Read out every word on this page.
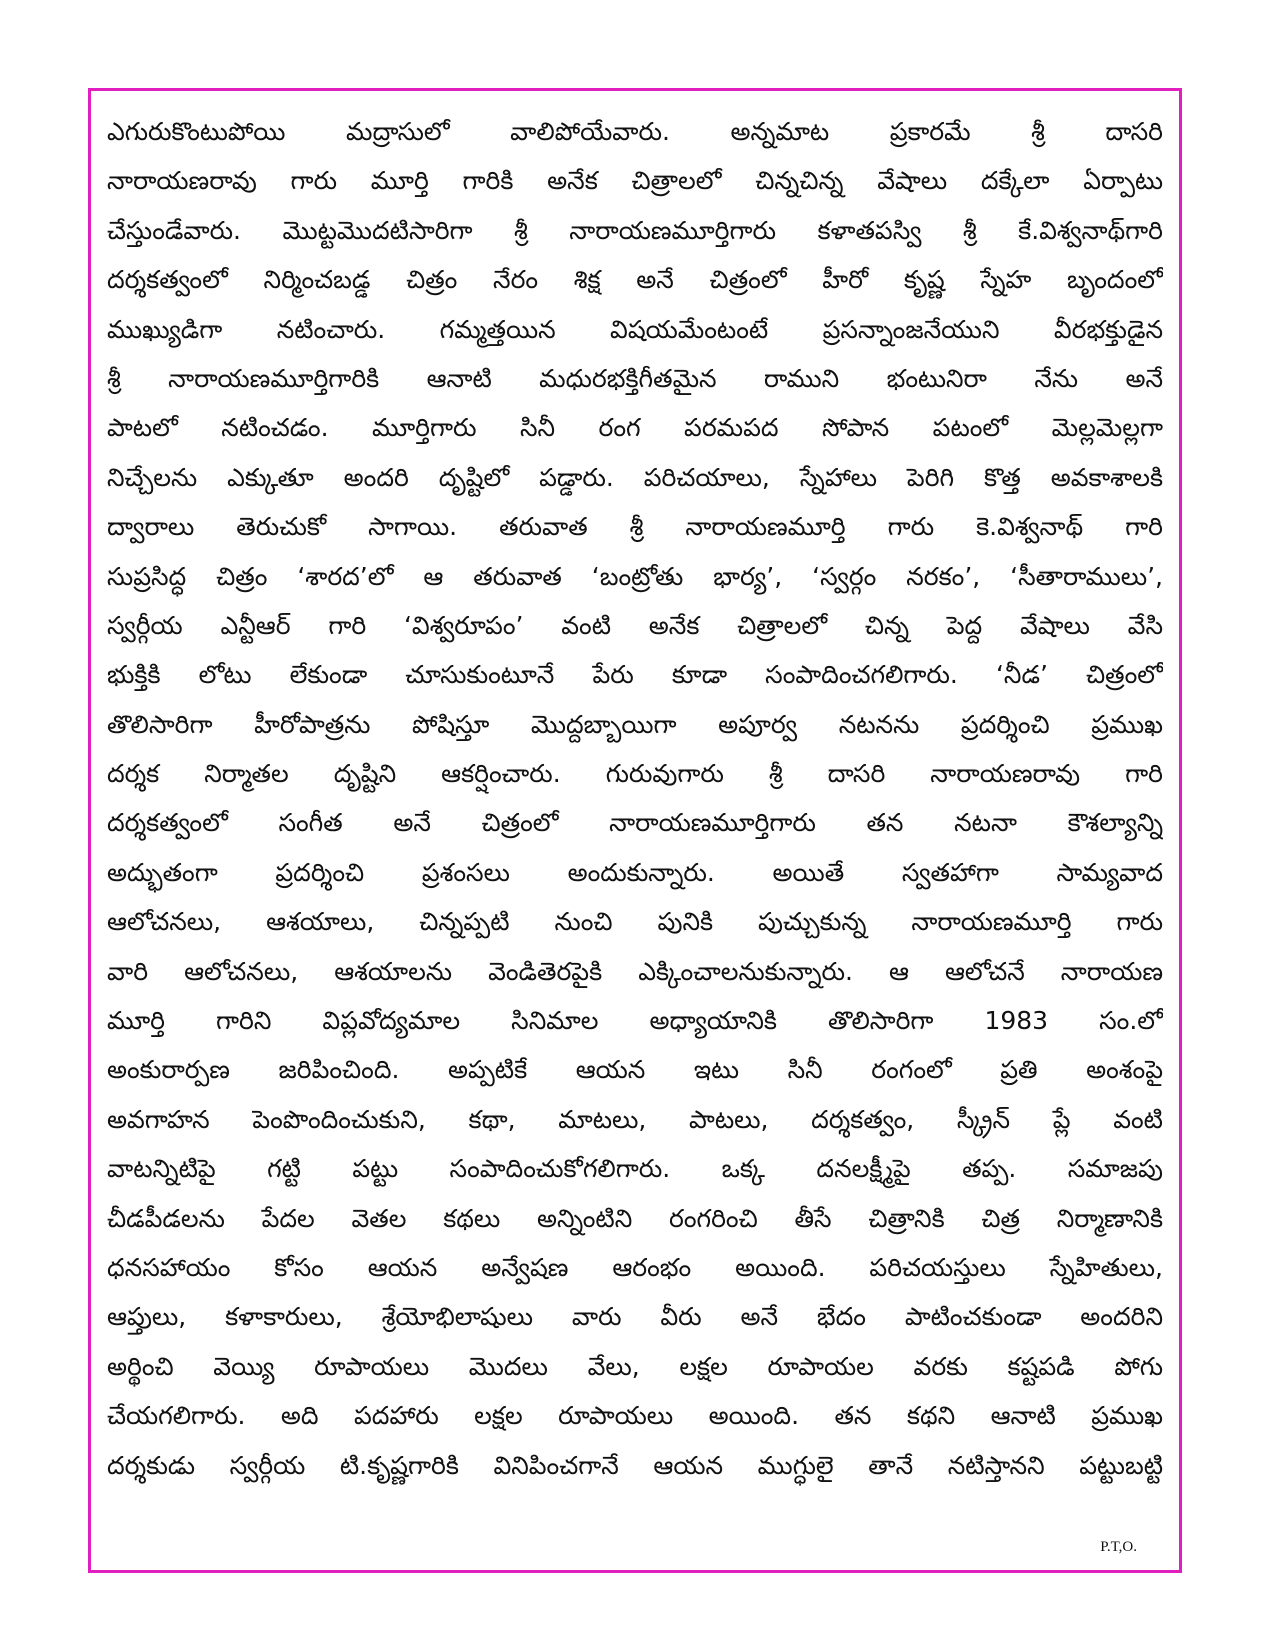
ఎగురుకొంటుపోయి మద్రాసులో వాలిపోయేవారు. అన్నమాట ప్రకారమే శ్రీ దాసరి
నారాయణరావు గారు మూర్తి గారికి అనేక చిత్రాలలో చిన్నచిన్న వేషాలు దక్కేలా ఏర్పాటు
చేస్తుండేవారు. మొట్టమొదటిసారిగా శ్రీ నారాయణమూర్తిగారు కళాతపస్వి శ్రీ కే.విశ్వనాథ్‌గారి
దర్శకత్వంలో నిర్మించబడ్డ చిత్రం నేరం శిక్ష అనే చిత్రంలో హీరో కృష్ణ స్నేహ బృందంలో
ముఖ్యుడిగా నటించారు. గమ్మత్తయిన విషయమేంటంటే ప్రసన్నాంజనేయుని వీరభక్తుడైన
శ్రీ నారాయణమూర్తిగారికి ఆనాటి మధురభక్తిగీతమైన రాముని భంటునిరా నేను అనే
పాటలో నటించడం. మూర్తిగారు సినీ రంగ పరమపద సోపాన పటంలో మెల్లమెల్లగా
నిచ్చేలను ఎక్కుతూ అందరి దృష్టిలో పడ్డారు. పరిచయాలు, స్నేహాలు పెరిగి కొత్త అవకాశాలకి
ద్వారాలు తెరుచుకో సాగాయి. తరువాత శ్రీ నారాయణమూర్తి గారు కె.విశ్వనాథ్ గారి
సుప్రసిద్ధ చిత్రం ‘శారద’లో ఆ తరువాత ‘బంట్రోతు భార్య’, ‘స్వర్గం నరకం’, ‘సీతారాములు’,
స్వర్గీయ ఎన్టీఆర్ గారి ‘విశ్వరూపం’ వంటి అనేక చిత్రాలలో చిన్న పెద్ద వేషాలు వేసి
భుక్తికి లోటు లేకుండా చూసుకుంటూనే పేరు కూడా సంపాదించగలిగారు. ‘నీడ’ చిత్రంలో
తొలిసారిగా హీరోపాత్రను పోషిస్తూ మొద్దబ్బాయిగా అపూర్వ నటనను ప్రదర్శించి ప్రముఖ
దర్శక నిర్మాతల దృష్టిని ఆకర్షించారు. గురువుగారు శ్రీ దాసరి నారాయణరావు గారి
దర్శకత్వంలో సంగీత అనే చిత్రంలో నారాయణమూర్తిగారు తన నటనా కౌశల్యాన్ని
అద్భుతంగా ప్రదర్శించి ప్రశంసలు అందుకున్నారు. అయితే స్వతహాగా సామ్యవాద
ఆలోచనలు, ఆశయాలు, చిన్నప్పటి నుంచి పునికి పుచ్చుకున్న నారాయణమూర్తి గారు
వారి ఆలోచనలు, ఆశయాలను వెండితెరపైకి ఎక్కించాలనుకున్నారు. ఆ ఆలోచనే నారాయణ
మూర్తి గారిని విప్లవోద్యమాల సినిమాల అధ్యాయానికి తొలిసారిగా 1983 సం.లో
అంకురార్పణ జరిపించింది. అప్పటికే ఆయన ఇటు సినీ రంగంలో ప్రతి అంశంపై
అవగాహన పెంపొందించుకుని, కథా, మాటలు, పాటలు, దర్శకత్వం, స్క్రీన్ ప్లే వంటి
వాటన్నిటిపై గట్టి పట్టు సంపాదించుకోగలిగారు. ఒక్క దనలక్ష్మీపై తప్ప. సమాజపు
చీడపీడలను పేదల వెతల కథలు అన్నింటిని రంగరించి తీసే చిత్రానికి చిత్ర నిర్మాణానికి
ధనసహాయం కోసం ఆయన అన్వేషణ ఆరంభం అయింది. పరిచయస్తులు స్నేహితులు,
ఆప్తులు, కళాకారులు, శ్రేయోభిలాషులు వారు వీరు అనే భేదం పాటించకుండా అందరిని
అర్థించి వెయ్యి రూపాయలు మొదలు వేలు, లక్షల రూపాయల వరకు కష్టపడి పోగు
చేయగలిగారు. అది పదహారు లక్షల రూపాయలు అయింది. తన కథని ఆనాటి ప్రముఖ
దర్శకుడు స్వర్గీయ టి.కృష్ణగారికి వినిపించగానే ఆయన ముగ్ధులై తానే నటిస్తానని పట్టుబట్టి
P.T,O.
